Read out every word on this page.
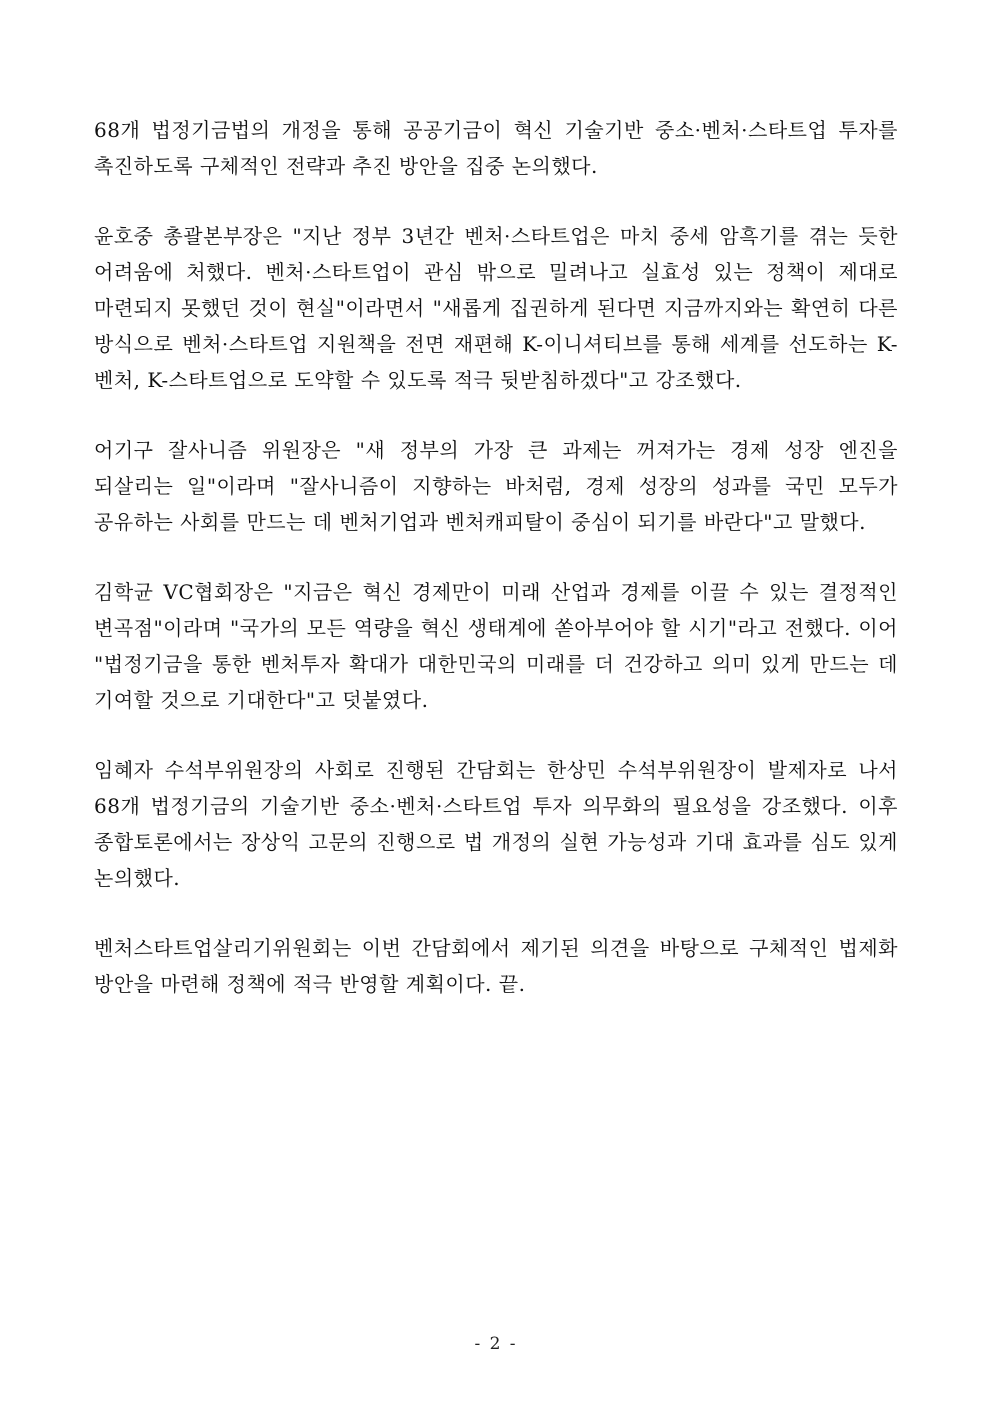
68개 법정기금법의 개정을 통해 공공기금이 혁신 기술기반 중소·벤처·스타트업 투자를 촉진하도록 구체적인 전략과 추진 방안을 집중 논의했다.

윤호중 총괄본부장은 "지난 정부 3년간 벤처·스타트업은 마치 중세 암흑기를 겪는 듯한 어려움에 처했다. 벤처·스타트업이 관심 밖으로 밀려나고 실효성 있는 정책이 제대로 마련되지 못했던 것이 현실"이라면서 "새롭게 집권하게 된다면 지금까지와는 확연히 다른 방식으로 벤처·스타트업 지원책을 전면 재편해 K-이니셔티브를 통해 세계를 선도하는 K-벤처, K-스타트업으로 도약할 수 있도록 적극 뒷받침하겠다"고 강조했다.

어기구 잘사니즘 위원장은 "새 정부의 가장 큰 과제는 꺼져가는 경제 성장 엔진을 되살리는 일"이라며 "잘사니즘이 지향하는 바처럼, 경제 성장의 성과를 국민 모두가 공유하는 사회를 만드는 데 벤처기업과 벤처캐피탈이 중심이 되기를 바란다"고 말했다.

김학균 VC협회장은 "지금은 혁신 경제만이 미래 산업과 경제를 이끌 수 있는 결정적인 변곡점"이라며 "국가의 모든 역량을 혁신 생태계에 쏟아부어야 할 시기"라고 전했다. 이어 "법정기금을 통한 벤처투자 확대가 대한민국의 미래를 더 건강하고 의미 있게 만드는 데 기여할 것으로 기대한다"고 덧붙였다.

임혜자 수석부위원장의 사회로 진행된 간담회는 한상민 수석부위원장이 발제자로 나서 68개 법정기금의 기술기반 중소·벤처·스타트업 투자 의무화의 필요성을 강조했다. 이후 종합토론에서는 장상익 고문의 진행으로 법 개정의 실현 가능성과 기대 효과를 심도 있게 논의했다.

벤처스타트업살리기위원회는 이번 간담회에서 제기된 의견을 바탕으로 구체적인 법제화 방안을 마련해 정책에 적극 반영할 계획이다. 끝.

- 2 -
